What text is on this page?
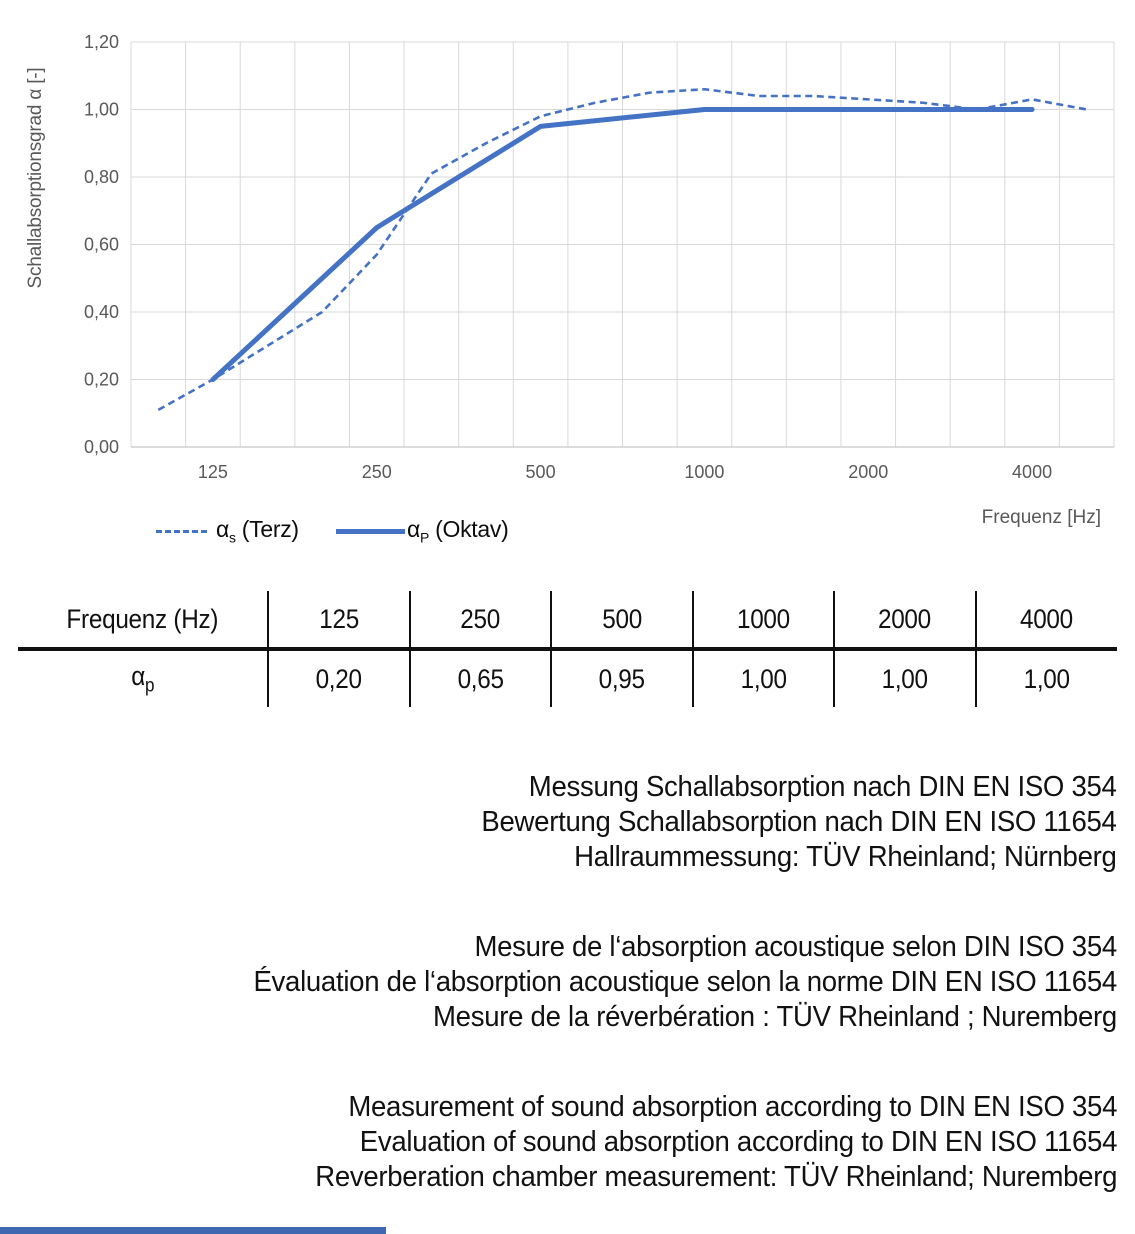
Schallabsorptionsgrad α [-]
1,20
1,00
0,80
0,60
0,40
0,20
0,00
125	250	500	1000	2000	4000
Frequenz [Hz]
$\alpha_s$ (Terz)	$\alpha_P$ (Oktav)
Frequenz (Hz)	125	250	500	1000	2000	4000
$\alpha_p$	0,20	0,65	0,95	1,00	1,00	1,00
Messung Schallabsorption nach DIN EN ISO 354
Bewertung Schallabsorption nach DIN EN ISO 11654
Hallraummessung: TÜV Rheinland; Nürnberg
Mesure de l‘absorption acoustique selon DIN ISO 354
Évaluation de l‘absorption acoustique selon la norme DIN EN ISO 11654
Mesure de la réverbération : TÜV Rheinland ; Nuremberg
Measurement of sound absorption according to DIN EN ISO 354
Evaluation of sound absorption according to DIN EN ISO 11654
Reverberation chamber measurement: TÜV Rheinland; Nuremberg
